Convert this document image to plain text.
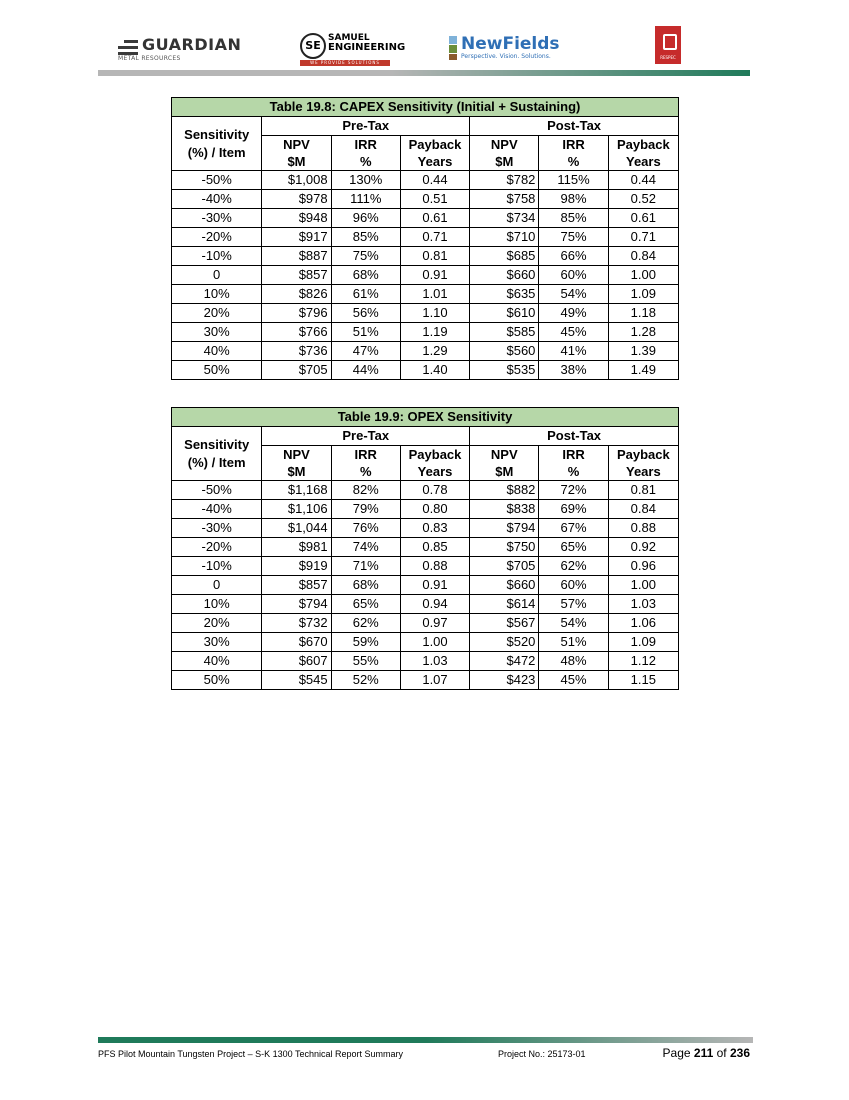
GUARDIAN
METAL RESOURCES
SE
SAMUEL
ENGINEERING
WE PROVIDE SOLUTIONS
NewFields
Perspective. Vision. Solutions.	RESPEC
Table 19.8: CAPEX Sensitivity (Initial + Sustaining)						
Sensitivity
(%) / Item	Pre-Tax			Post-Tax		
	NPV	IRR	Payback	NPV	IRR	Payback
	$M	%	Years	$M	%	Years
-50%	$1,008	130%	0.44	$782	115%	0.44
-40%	$978	111%	0.51	$758	98%	0.52
-30%	$948	96%	0.61	$734	85%	0.61
-20%	$917	85%	0.71	$710	75%	0.71
-10%	$887	75%	0.81	$685	66%	0.84
0	$857	68%	0.91	$660	60%	1.00
10%	$826	61%	1.01	$635	54%	1.09
20%	$796	56%	1.10	$610	49%	1.18
30%	$766	51%	1.19	$585	45%	1.28
40%	$736	47%	1.29	$560	41%	1.39
50%	$705	44%	1.40	$535	38%	1.49
Table 19.9: OPEX Sensitivity						
Sensitivity
(%) / Item	Pre-Tax			Post-Tax		
	NPV	IRR	Payback	NPV	IRR	Payback
	$M	%	Years	$M	%	Years
-50%	$1,168	82%	0.78	$882	72%	0.81
-40%	$1,106	79%	0.80	$838	69%	0.84
-30%	$1,044	76%	0.83	$794	67%	0.88
-20%	$981	74%	0.85	$750	65%	0.92
-10%	$919	71%	0.88	$705	62%	0.96
0	$857	68%	0.91	$660	60%	1.00
10%	$794	65%	0.94	$614	57%	1.03
20%	$732	62%	0.97	$567	54%	1.06
30%	$670	59%	1.00	$520	51%	1.09
40%	$607	55%	1.03	$472	48%	1.12
50%	$545	52%	1.07	$423	45%	1.15
PFS Pilot Mountain Tungsten Project – S-K 1300 Technical Report Summary	Project No.: 25173-01	Page 211 of 236
